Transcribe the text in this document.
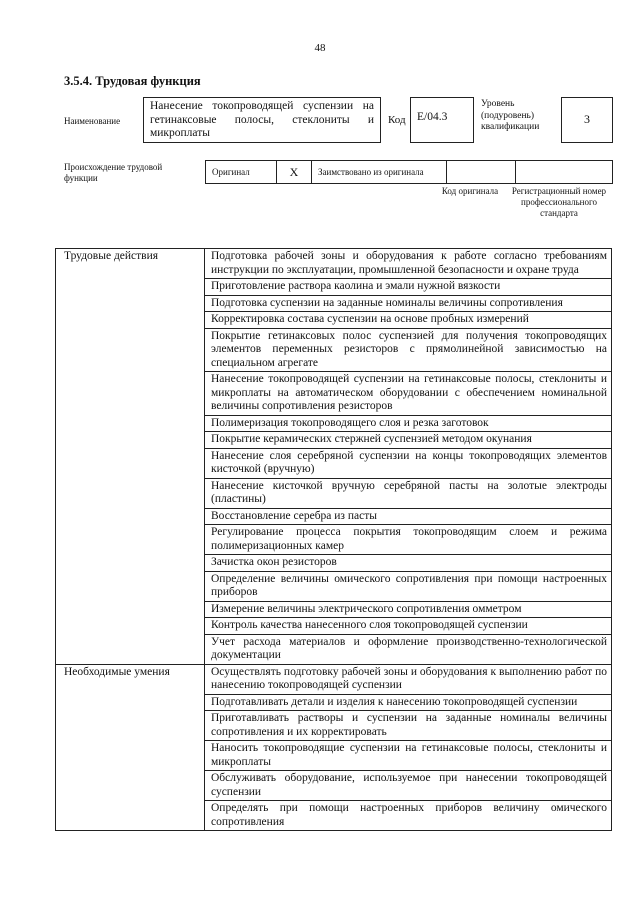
48
3.5.4. Трудовая функция
Наименование
Нанесение токопроводящей суспензии на гетинаксовые полосы, стеклониты и микроплаты
Код E/04.3
Уровень (подуровень) квалификации
3
Происхождение трудовой функции
Оригинал	X	Заимствовано из оригинала		
Код оригинала	Регистрационный номер профессионального стандарта
Трудовые действия	Подготовка рабочей зоны и оборудования к работе согласно требованиям инструкции по эксплуатации, промышленной безопасности и охране труда
	Приготовление раствора каолина и эмали нужной вязкости
	Подготовка суспензии на заданные номиналы величины сопротивления
	Корректировка состава суспензии на основе пробных измерений
	Покрытие гетинаксовых полос суспензией для получения токопроводящих элементов переменных резисторов с прямолинейной зависимостью на специальном агрегате
	Нанесение токопроводящей суспензии на гетинаксовые полосы, стеклониты и микроплаты на автоматическом оборудовании с обеспечением номинальной величины сопротивления резисторов
	Полимеризация токопроводящего слоя и резка заготовок
	Покрытие керамических стержней суспензией методом окунания
	Нанесение слоя серебряной суспензии на концы токопроводящих элементов кисточкой (вручную)
	Нанесение кисточкой вручную серебряной пасты на золотые электроды (пластины)
	Восстановление серебра из пасты
	Регулирование процесса покрытия токопроводящим слоем и режима полимеризационных камер
	Зачистка окон резисторов
	Определение величины омического сопротивления при помощи настроенных приборов
	Измерение величины электрического сопротивления омметром
	Контроль качества нанесенного слоя токопроводящей суспензии
	Учет расхода материалов и оформление производственно-технологической документации
Необходимые умения	Осуществлять подготовку рабочей зоны и оборудования к выполнению работ по нанесению токопроводящей суспензии
	Подготавливать детали и изделия к нанесению токопроводящей суспензии
	Приготавливать растворы и суспензии на заданные номиналы величины сопротивления и их корректировать
	Наносить токопроводящие суспензии на гетинаксовые полосы, стеклониты и микроплаты
	Обслуживать оборудование, используемое при нанесении токопроводящей суспензии
	Определять при помощи настроенных приборов величину омического сопротивления
